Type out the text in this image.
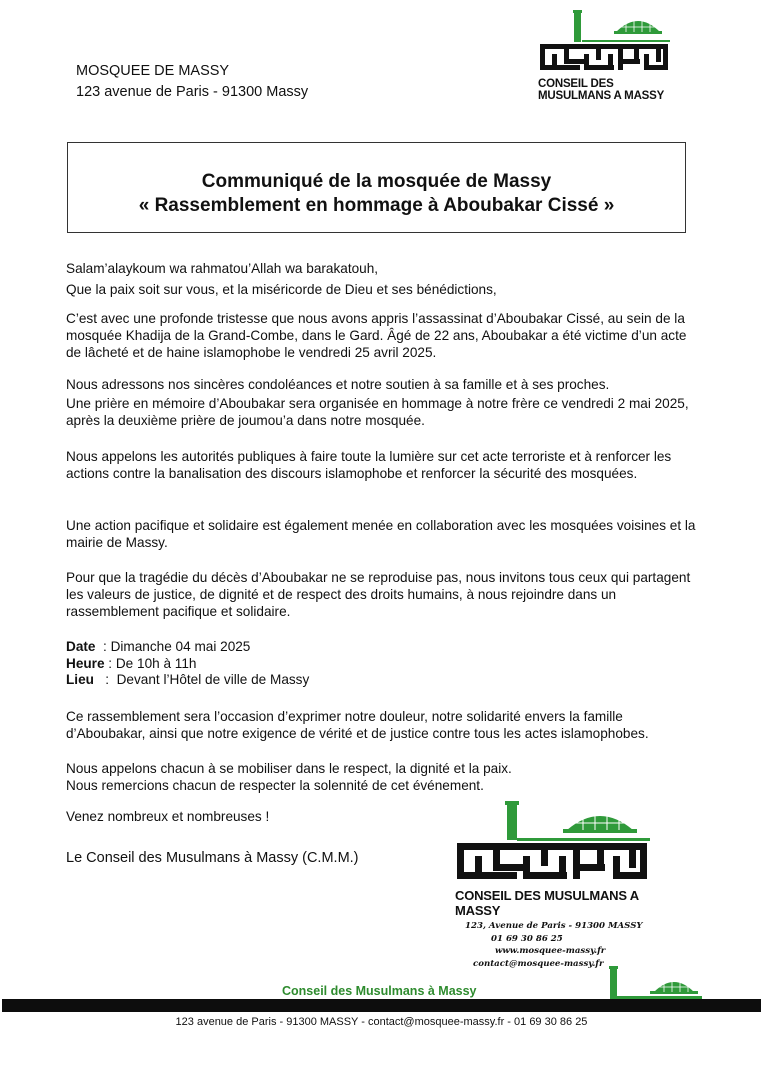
MOSQUEE DE MASSY
123 avenue de Paris - 91300 Massy	CONSEIL DES MUSULMANS A MASSY
Communiqué de la mosquée de Massy
« Rassemblement en hommage à Aboubakar Cissé »
Salam’alaykoum wa rahmatou’Allah wa barakatouh,
Que la paix soit sur vous, et la miséricorde de Dieu et ses bénédictions,
C’est avec une profonde tristesse que nous avons appris l’assassinat d’Aboubakar Cissé, au sein de la mosquée Khadija de la Grand-Combe, dans le Gard. Âgé de 22 ans, Aboubakar a été victime d’un acte de lâcheté et de haine islamophobe le vendredi 25 avril 2025.
Nous adressons nos sincères condoléances et notre soutien à sa famille et à ses proches.
Une prière en mémoire d’Aboubakar sera organisée en hommage à notre frère ce vendredi 2 mai 2025, après la deuxième prière de joumou’a dans notre mosquée.
Nous appelons les autorités publiques à faire toute la lumière sur cet acte terroriste et à renforcer les actions contre la banalisation des discours islamophobe et renforcer la sécurité des mosquées.
Une action pacifique et solidaire est également menée en collaboration avec les mosquées voisines et la mairie de Massy.
Pour que la tragédie du décès d’Aboubakar ne se reproduise pas, nous invitons tous ceux qui partagent les valeurs de justice, de dignité et de respect des droits humains, à nous rejoindre dans un rassemblement pacifique et solidaire.
Date  : Dimanche 04 mai 2025
Heure : De 10h à 11h
Lieu   :  Devant l’Hôtel de ville de Massy
Ce rassemblement sera l’occasion d’exprimer notre douleur, notre solidarité envers la famille d’Aboubakar, ainsi que notre exigence de vérité et de justice contre tous les actes islamophobes.
Nous appelons chacun à se mobiliser dans le respect, la dignité et la paix.
Nous remercions chacun de respecter la solennité de cet événement.
Venez nombreux et nombreuses !
Le Conseil des Musulmans à Massy (C.M.M.)
CONSEIL DES MUSULMANS A MASSY
123, Avenue de Paris - 91300 MASSY
01 69 30 86 25
www.mosquee-massy.fr
contact@mosquee-massy.fr
Conseil des Musulmans à Massy
123 avenue de Paris - 91300 MASSY - contact@mosquee-massy.fr - 01 69 30 86 25
